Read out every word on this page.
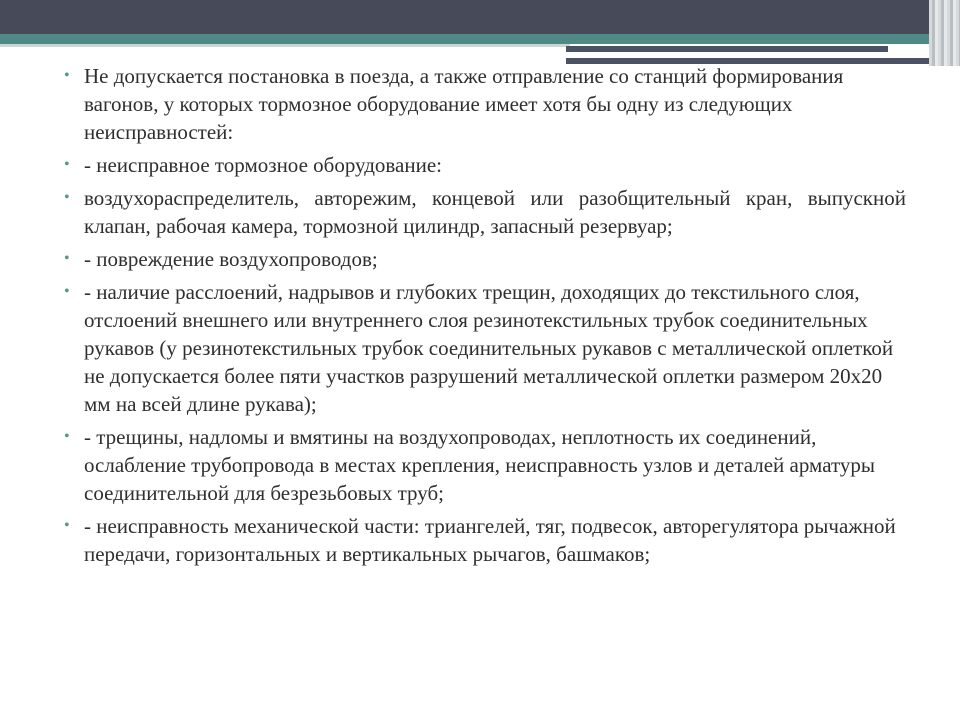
• Не допускается постановка в поезда, а также отправление со станций формирования вагонов, у которых тормозное оборудование имеет хотя бы одну из следующих неисправностей:
• - неисправное тормозное оборудование:
• воздухораспределитель, авторежим, концевой или разобщительный кран, выпускной клапан, рабочая камера, тормозной цилиндр, запасный резервуар;
• - повреждение воздухопроводов;
• - наличие расслоений, надрывов и глубоких трещин, доходящих до текстильного слоя, отслоений внешнего или внутреннего слоя резинотекстильных трубок соединительных рукавов (у резинотекстильных трубок соединительных рукавов с металлической оплеткой не допускается более пяти участков разрушений металлической оплетки размером 20х20 мм на всей длине рукава);
• - трещины, надломы и вмятины на воздухопроводах, неплотность их соединений, ослабление трубопровода в местах крепления, неисправность узлов и деталей арматуры соединительной для безрезьбовых труб;
• - неисправность механической части: триангелей, тяг, подвесок, авторегулятора рычажной передачи, горизонтальных и вертикальных рычагов, башмаков;
